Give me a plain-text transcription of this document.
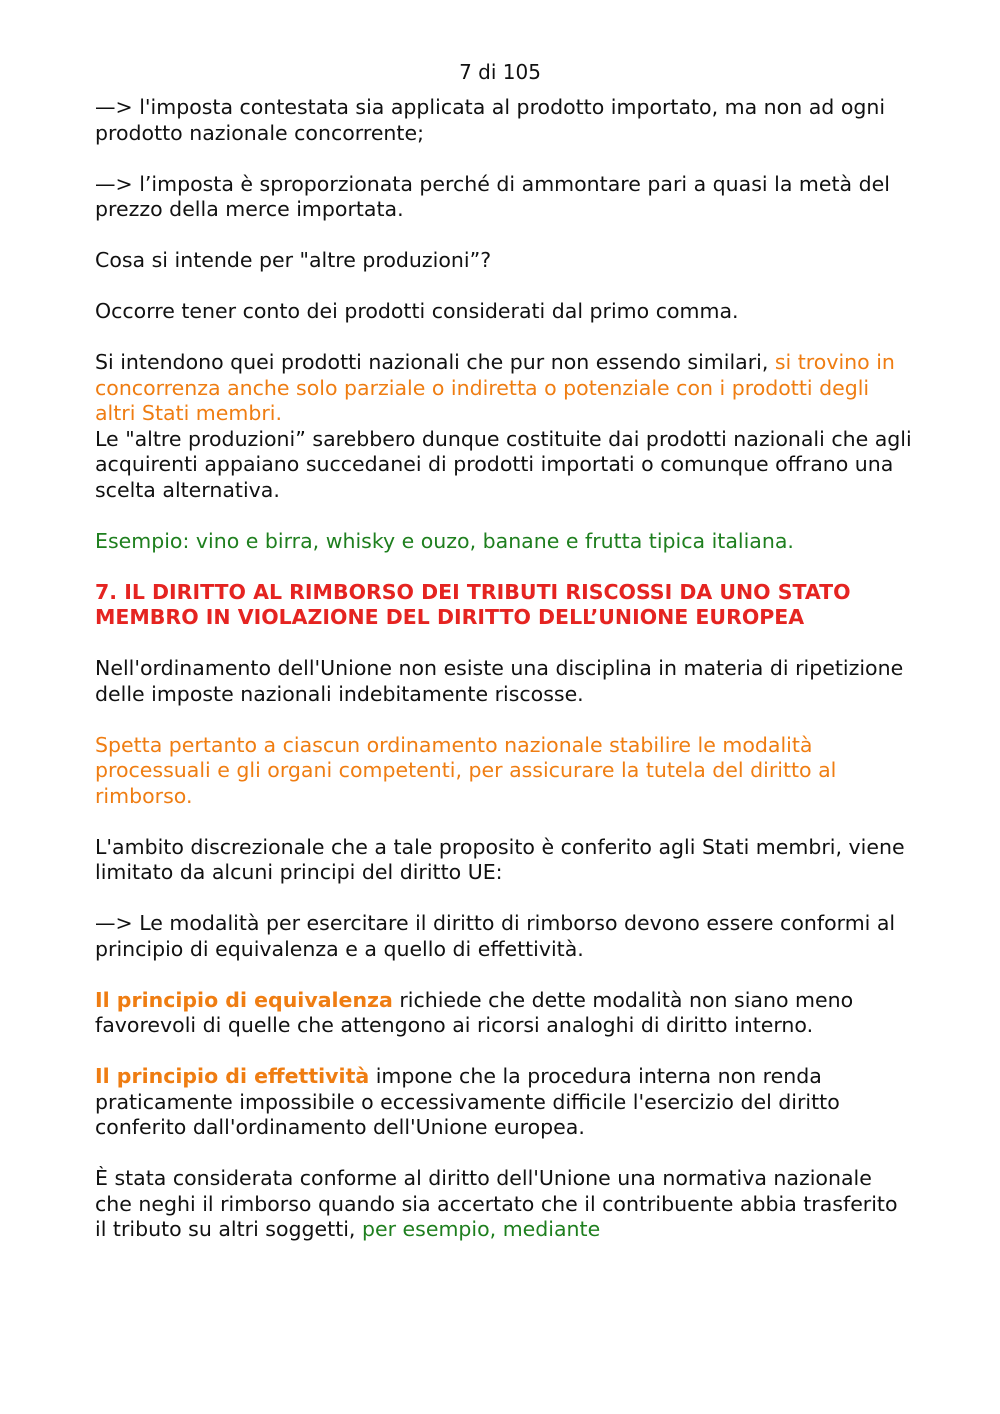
7 di 105

—> l'imposta contestata sia applicata al prodotto importato, ma non ad ogni prodotto nazionale concorrente;

—> l’imposta è sproporzionata perché di ammontare pari a quasi la metà del prezzo della merce importata.

Cosa si intende per "altre produzioni”?

Occorre tener conto dei prodotti considerati dal primo comma.

Si intendono quei prodotti nazionali che pur non essendo similari, si trovino in concorrenza anche solo parziale o indiretta o potenziale con i prodotti degli altri Stati membri.

Le "altre produzioni” sarebbero dunque costituite dai prodotti nazionali che agli

acquirenti appaiano succedanei di prodotti importati o comunque offrano una scelta alternativa.

Esempio: vino e birra, whisky e ouzo, banane e frutta tipica italiana.

7. IL DIRITTO AL RIMBORSO DEI TRIBUTI RISCOSSI DA UNO STATO MEMBRO IN VIOLAZIONE DEL DIRITTO DELL’UNIONE EUROPEA

Nell'ordinamento dell'Unione non esiste una disciplina in materia di ripetizione delle imposte nazionali indebitamente riscosse.

Spetta pertanto a ciascun ordinamento nazionale stabilire le modalità processuali e gli organi competenti, per assicurare la tutela del diritto al rimborso.

L'ambito discrezionale che a tale proposito è conferito agli Stati membri, viene limitato da alcuni principi del diritto UE:

—> Le modalità per esercitare il diritto di rimborso devono essere conformi al principio di equivalenza e a quello di effettività.

Il principio di equivalenza richiede che dette modalità non siano meno favorevoli di quelle che attengono ai ricorsi analoghi di diritto interno.

Il principio di effettività impone che la procedura interna non renda praticamente impossibile o eccessivamente difficile l'esercizio del diritto conferito dall'ordinamento dell'Unione europea.

È stata considerata conforme al diritto dell'Unione una normativa nazionale che neghi il rimborso quando sia accertato che il contribuente abbia trasferito il tributo su altri soggetti, per esempio, mediante
